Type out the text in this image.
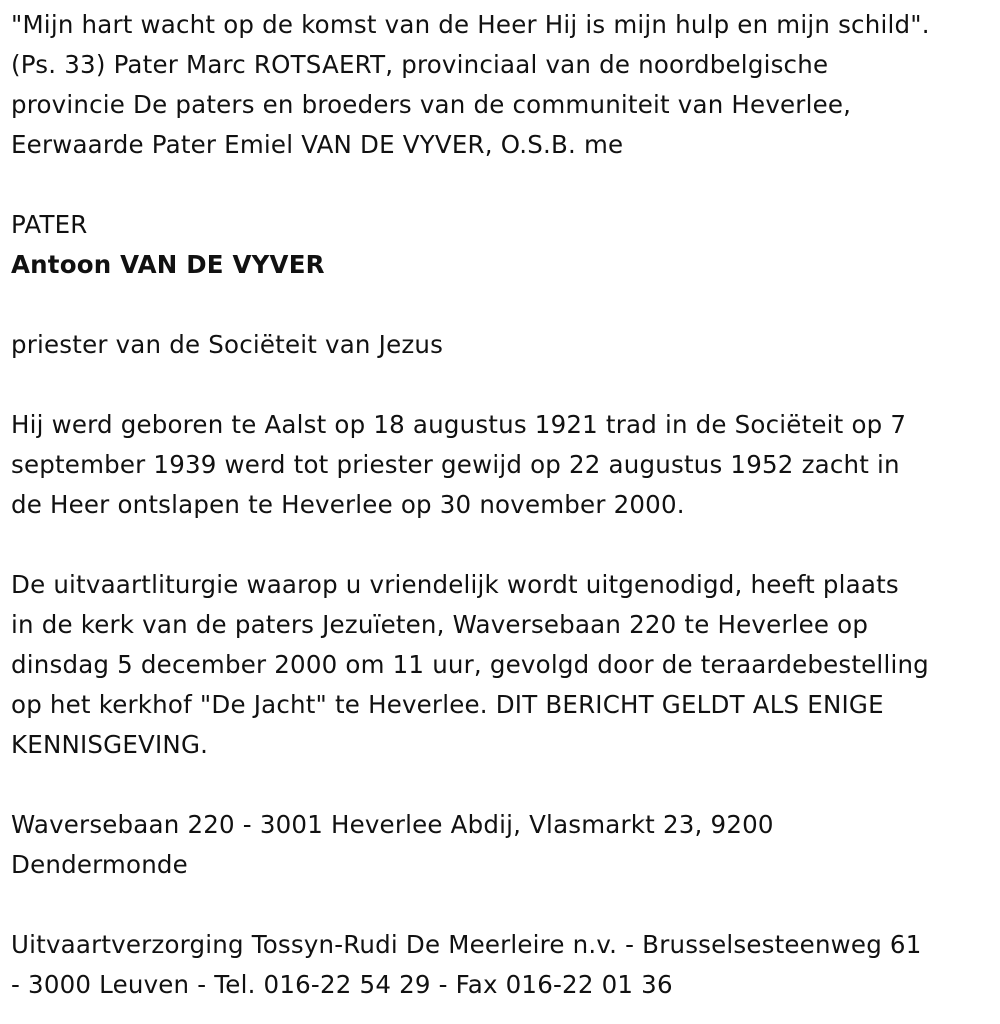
"Mijn hart wacht op de komst van de Heer Hij is mijn hulp en mijn schild".
(Ps. 33) Pater Marc ROTSAERT, provinciaal van de noordbelgische
provincie De paters en broeders van de communiteit van Heverlee,
Eerwaarde Pater Emiel VAN DE VYVER, O.S.B. me
PATER
Antoon VAN DE VYVER
priester van de Sociëteit van Jezus
Hij werd geboren te Aalst op 18 augustus 1921 trad in de Sociëteit op 7
september 1939 werd tot priester gewijd op 22 augustus 1952 zacht in
de Heer ontslapen te Heverlee op 30 november 2000.
De uitvaartliturgie waarop u vriendelijk wordt uitgenodigd, heeft plaats
in de kerk van de paters Jezuïeten, Waversebaan 220 te Heverlee op
dinsdag 5 december 2000 om 11 uur, gevolgd door de teraardebestelling
op het kerkhof "De Jacht" te Heverlee. DIT BERICHT GELDT ALS ENIGE
KENNISGEVING.
Waversebaan 220 - 3001 Heverlee Abdij, Vlasmarkt 23, 9200
Dendermonde
Uitvaartverzorging Tossyn-Rudi De Meerleire n.v. - Brusselsesteenweg 61
- 3000 Leuven - Tel. 016-22 54 29 - Fax 016-22 01 36
